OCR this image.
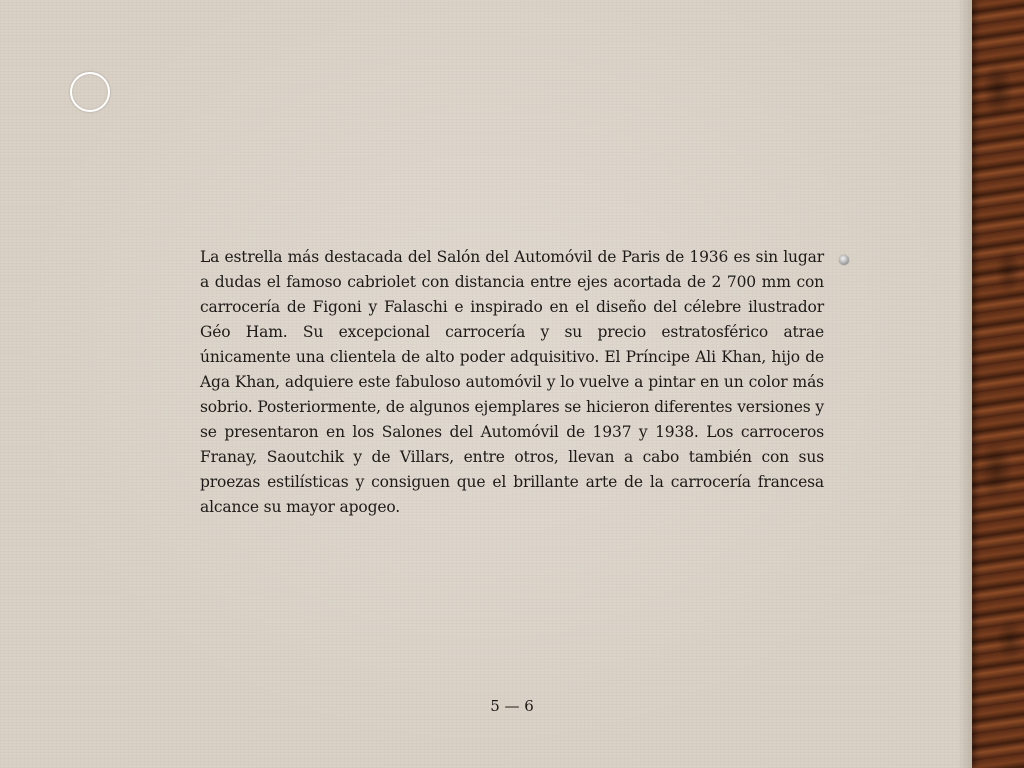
La estrella más destacada del Salón del Automóvil de Paris de 1936 es sin lugar a dudas el famoso cabriolet con distancia entre ejes acortada de 2 700 mm con carrocería de Figoni y Falaschi e inspirado en el diseño del célebre ilustrador Géo Ham. Su excepcional carrocería y su precio estratosférico atrae únicamente una clientela de alto poder adquisitivo. El Príncipe Ali Khan, hijo de Aga Khan, adquiere este fabuloso automóvil y lo vuelve a pintar en un color más sobrio. Posteriormente, de algunos ejemplares se hicieron diferentes versiones y se presentaron en los Salones del Automóvil de 1937 y 1938. Los carroceros Franay, Saoutchik y de Villars, entre otros, llevan a cabo también con sus proezas estilísticas y consiguen que el brillante arte de la carrocería francesa alcance su mayor apogeo.

5 — 6
